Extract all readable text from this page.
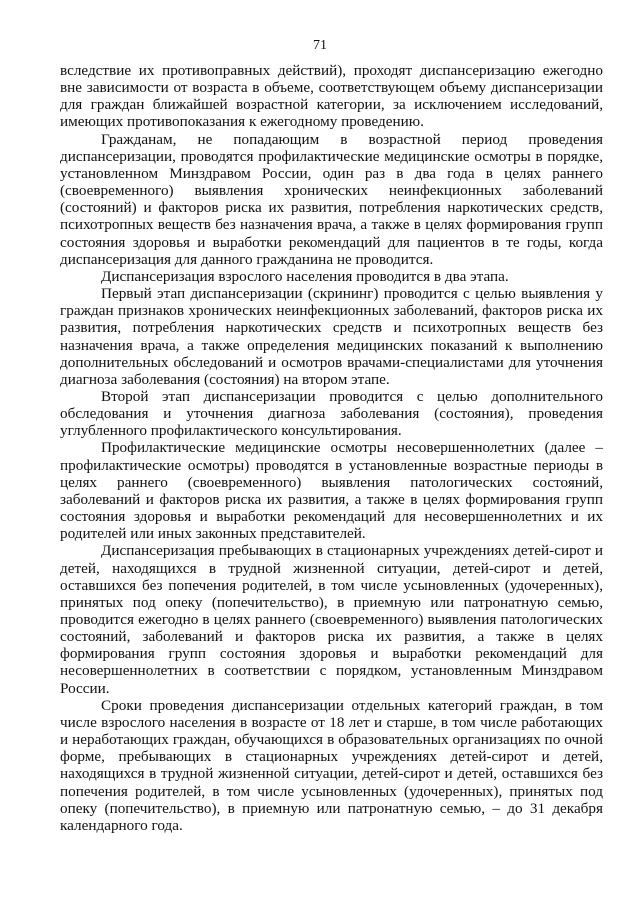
71

вследствие их противоправных действий), проходят диспансеризацию ежегодно вне зависимости от возраста в объеме, соответствующем объему диспансеризации для граждан ближайшей возрастной категории, за исключением исследований, имеющих противопоказания к ежегодному проведению.

Гражданам, не попадающим в возрастной период проведения диспансеризации, проводятся профилактические медицинские осмотры в порядке, установленном Минздравом России, один раз в два года в целях раннего (своевременного) выявления хронических неинфекционных заболеваний (состояний) и факторов риска их развития, потребления наркотических средств, психотропных веществ без назначения врача, а также в целях формирования групп состояния здоровья и выработки рекомендаций для пациентов в те годы, когда диспансеризация для данного гражданина не проводится.

Диспансеризация взрослого населения проводится в два этапа.

Первый этап диспансеризации (скрининг) проводится с целью выявления у граждан признаков хронических неинфекционных заболеваний, факторов риска их развития, потребления наркотических средств и психотропных веществ без назначения врача, а также определения медицинских показаний к выполнению дополнительных обследований и осмотров врачами-специалистами для уточнения диагноза заболевания (состояния) на втором этапе.

Второй этап диспансеризации проводится с целью дополнительного обследования и уточнения диагноза заболевания (состояния), проведения углубленного профилактического консультирования.

Профилактические медицинские осмотры несовершеннолетних (далее – профилактические осмотры) проводятся в установленные возрастные периоды в целях раннего (своевременного) выявления патологических состояний, заболеваний и факторов риска их развития, а также в целях формирования групп состояния здоровья и выработки рекомендаций для несовершеннолетних и их родителей или иных законных представителей.

Диспансеризация пребывающих в стационарных учреждениях детей-сирот и детей, находящихся в трудной жизненной ситуации, детей-сирот и детей, оставшихся без попечения родителей, в том числе усыновленных (удочеренных), принятых под опеку (попечительство), в приемную или патронатную семью, проводится ежегодно в целях раннего (своевременного) выявления патологических состояний, заболеваний и факторов риска их развития, а также в целях формирования групп состояния здоровья и выработки рекомендаций для несовершеннолетних в соответствии с порядком, установленным Минздравом России.

Сроки проведения диспансеризации отдельных категорий граждан, в том числе взрослого населения в возрасте от 18 лет и старше, в том числе работающих и неработающих граждан, обучающихся в образовательных организациях по очной форме, пребывающих в стационарных учреждениях детей-сирот и детей, находящихся в трудной жизненной ситуации, детей-сирот и детей, оставшихся без попечения родителей, в том числе усыновленных (удочеренных), принятых под опеку (попечительство), в приемную или патронатную семью, – до 31 декабря календарного года.
